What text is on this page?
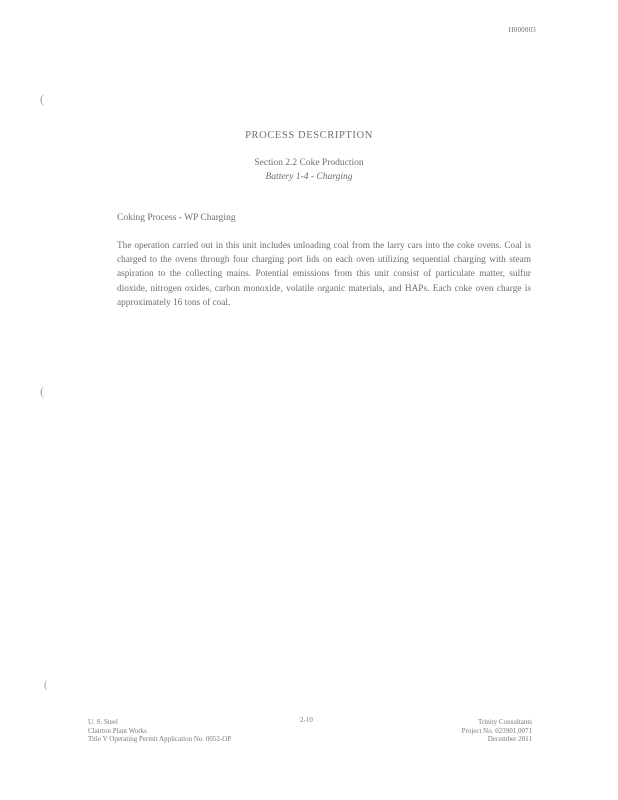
H000003
(
(
(
PROCESS DESCRIPTION
Section 2.2 Coke Production
Battery 1-4 - Charging
Coking Process - WP Charging

The operation carried out in this unit includes unloading coal from the larry cars into the coke ovens. Coal is charged to the ovens through four charging port lids on each oven utilizing sequential charging with steam aspiration to the collecting mains. Potential emissions from this unit consist of particulate matter, sulfur dioxide, nitrogen oxides, carbon monoxide, volatile organic materials, and HAPs. Each coke oven charge is approximately 16 tons of coal.

U. S. Steel
Clairton Plant Works
Title V Operating Permit Application No. 0052-OP
2-10	Trinity Consultants
Project No. 023901.0071
December 2011
